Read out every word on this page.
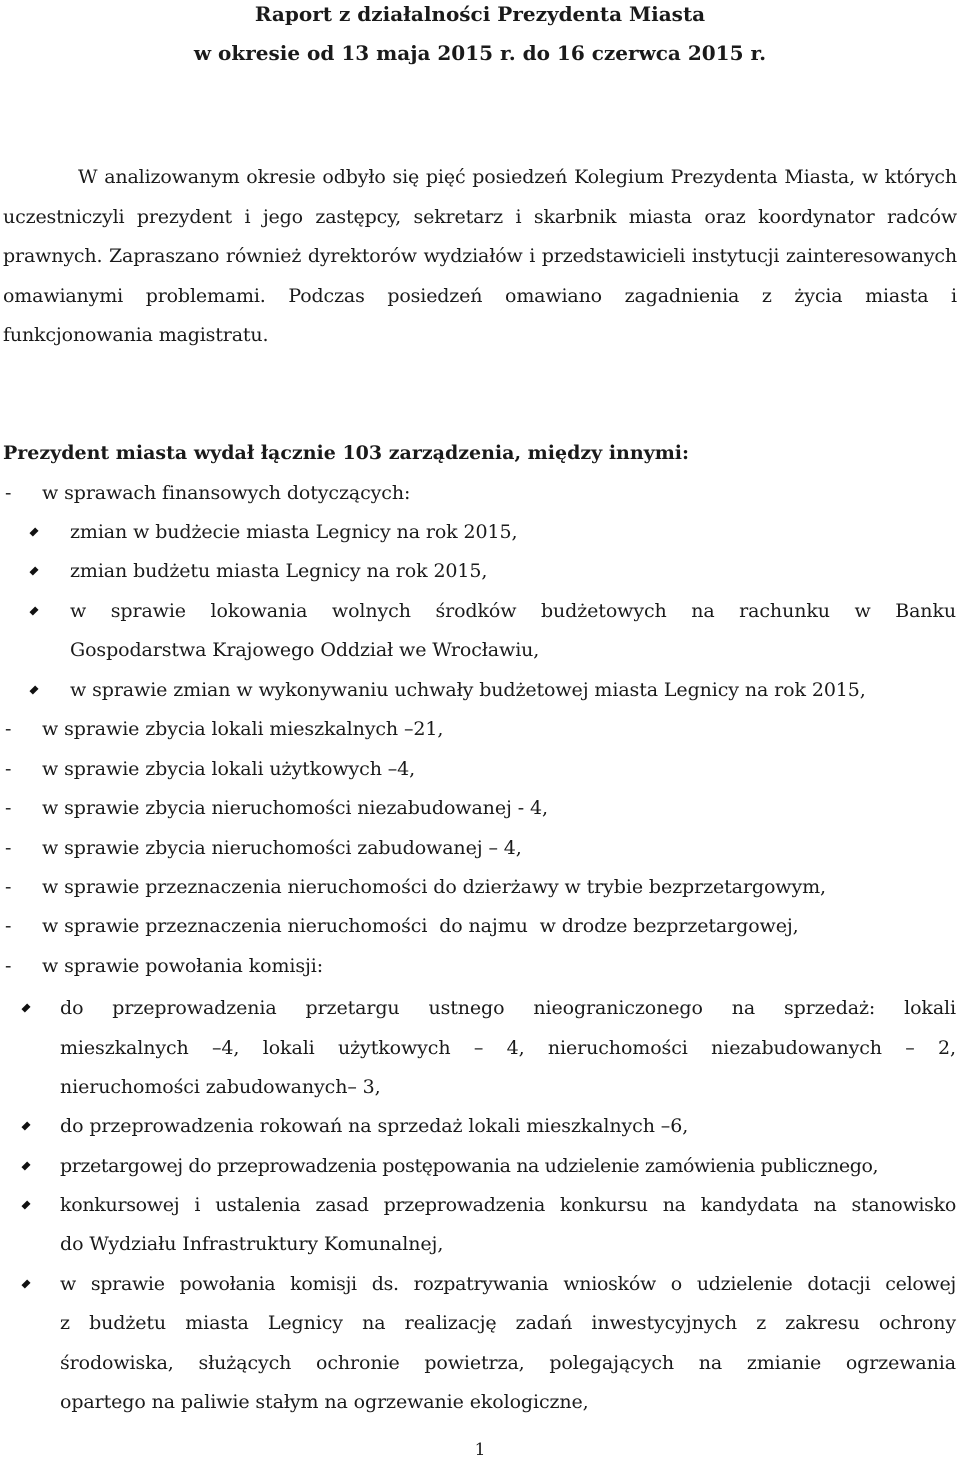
Raport z działalności Prezydenta Miasta
w okresie od 13 maja 2015 r. do 16 czerwca 2015 r.

W analizowanym okresie odbyło się pięć posiedzeń Kolegium Prezydenta Miasta, w których uczestniczyli prezydent i jego zastępcy, sekretarz i skarbnik miasta oraz koordynator radców prawnych. Zapraszano również dyrektorów wydziałów i przedstawicieli instytucji zainteresowanych omawianymi problemami. Podczas posiedzeń omawiano zagadnienia z życia miasta i funkcjonowania magistratu.

Prezydent miasta wydał łącznie 103 zarządzenia, między innymi:

- w sprawach finansowych dotyczących:

zmian w budżecie miasta Legnicy na rok 2015,

zmian budżetu miasta Legnicy na rok 2015,

w sprawie lokowania wolnych środków budżetowych na rachunku w Banku

Gospodarstwa Krajowego Oddział we Wrocławiu,

w sprawie zmian w wykonywaniu uchwały budżetowej miasta Legnicy na rok 2015,

- w sprawie zbycia lokali mieszkalnych –21,

- w sprawie zbycia lokali użytkowych –4,

- w sprawie zbycia nieruchomości niezabudowanej - 4,

- w sprawie zbycia nieruchomości zabudowanej – 4,

- w sprawie przeznaczenia nieruchomości do dzierżawy w trybie bezprzetargowym,

- w sprawie przeznaczenia nieruchomości  do najmu  w drodze bezprzetargowej,

- w sprawie powołania komisji:

do przeprowadzenia przetargu ustnego nieograniczonego na sprzedaż: lokali

mieszkalnych –4, lokali użytkowych – 4, nieruchomości niezabudowanych – 2,

nieruchomości zabudowanych– 3,

do przeprowadzenia rokowań na sprzedaż lokali mieszkalnych –6,

przetargowej do przeprowadzenia postępowania na udzielenie zamówienia publicznego,

konkursowej i ustalenia zasad przeprowadzenia konkursu na kandydata na stanowisko

do Wydziału Infrastruktury Komunalnej,

w sprawie powołania komisji ds. rozpatrywania wniosków o udzielenie dotacji celowej

z budżetu miasta Legnicy na realizację zadań inwestycyjnych z zakresu ochrony

środowiska, służących ochronie powietrza, polegających na zmianie ogrzewania

opartego na paliwie stałym na ogrzewanie ekologiczne,

1
